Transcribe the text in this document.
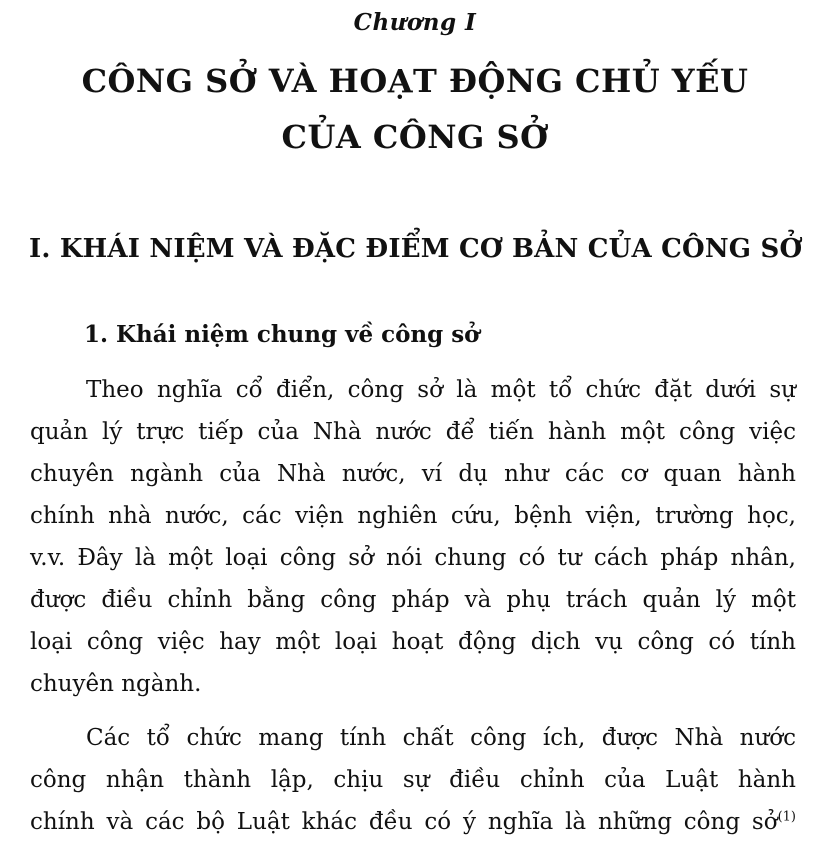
Chương I
CÔNG SỞ VÀ HOẠT ĐỘNG CHỦ YẾU
CỦA CÔNG SỞ
I. KHÁI NIỆM VÀ ĐẶC ĐIỂM CƠ BẢN CỦA CÔNG SỞ
1. Khái niệm chung về công sở
Theo nghĩa cổ điển, công sở là một tổ chức đặt dưới sự
quản lý trực tiếp của Nhà nước để tiến hành một công việc
chuyên ngành của Nhà nước, ví dụ như các cơ quan hành
chính nhà nước, các viện nghiên cứu, bệnh viện, trường học,
v.v. Đây là một loại công sở nói chung có tư cách pháp nhân,
được điều chỉnh bằng công pháp và phụ trách quản lý một
loại công việc hay một loại hoạt động dịch vụ công có tính
chuyên ngành.
Các tổ chức mang tính chất công ích, được Nhà nước
công nhận thành lập, chịu sự điều chỉnh của Luật hành
chính và các bộ Luật khác đều có ý nghĩa là những công sở$^{(1)}$
